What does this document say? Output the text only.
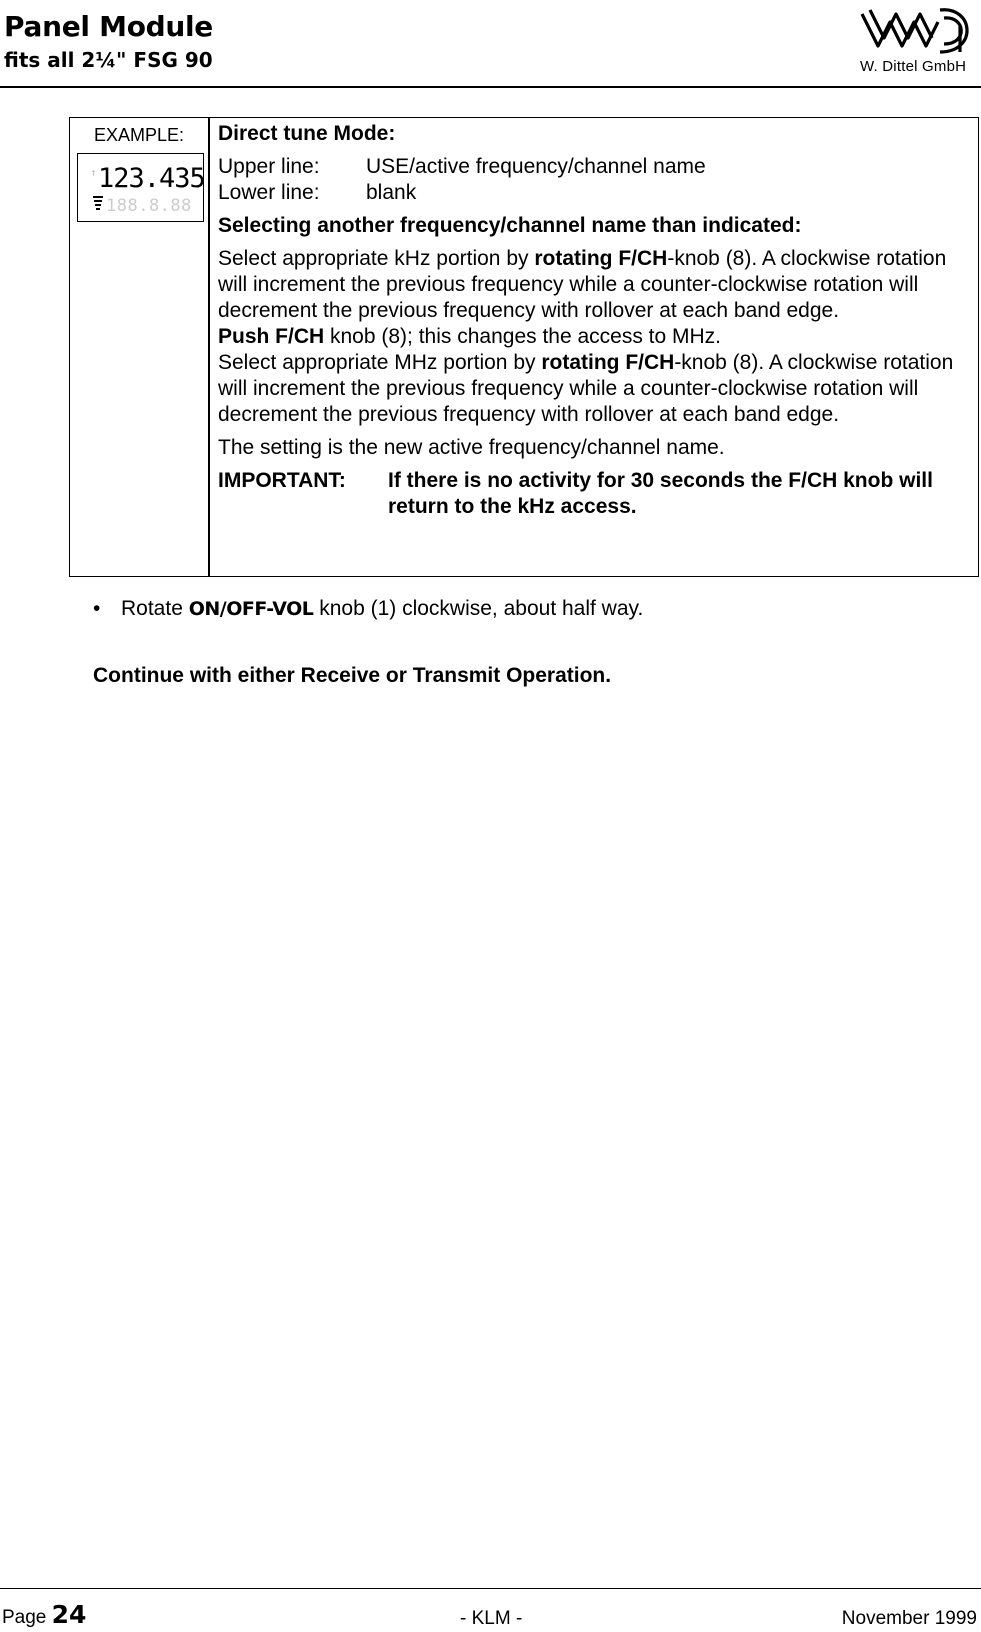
Panel Module
fits all 2¼" FSG 90	W. Dittel GmbH
EXAMPLE:
↑ 123.435
188.8.88
Direct tune Mode:
Upper line:	USE/active frequency/channel name
Lower line:	blank
Selecting another frequency/channel name than indicated:

Select appropriate kHz portion by rotating F/CH-knob (8). A clockwise rotation will increment the previous frequency while a counter-clockwise rotation will decrement the previous frequency with rollover at each band edge.

Push F/CH knob (8); this changes the access to MHz.

Select appropriate MHz portion by rotating F/CH-knob (8). A clockwise rotation will increment the previous frequency while a counter-clockwise rotation will decrement the previous frequency with rollover at each band edge.

The setting is the new active frequency/channel name.

IMPORTANT:	If there is no activity for 30 seconds the F/CH knob will return to the kHz access.
• Rotate ON/OFF-VOL knob (1) clockwise, about half way.
Continue with either Receive or Transmit Operation.
Page 24	- KLM -	November 1999
